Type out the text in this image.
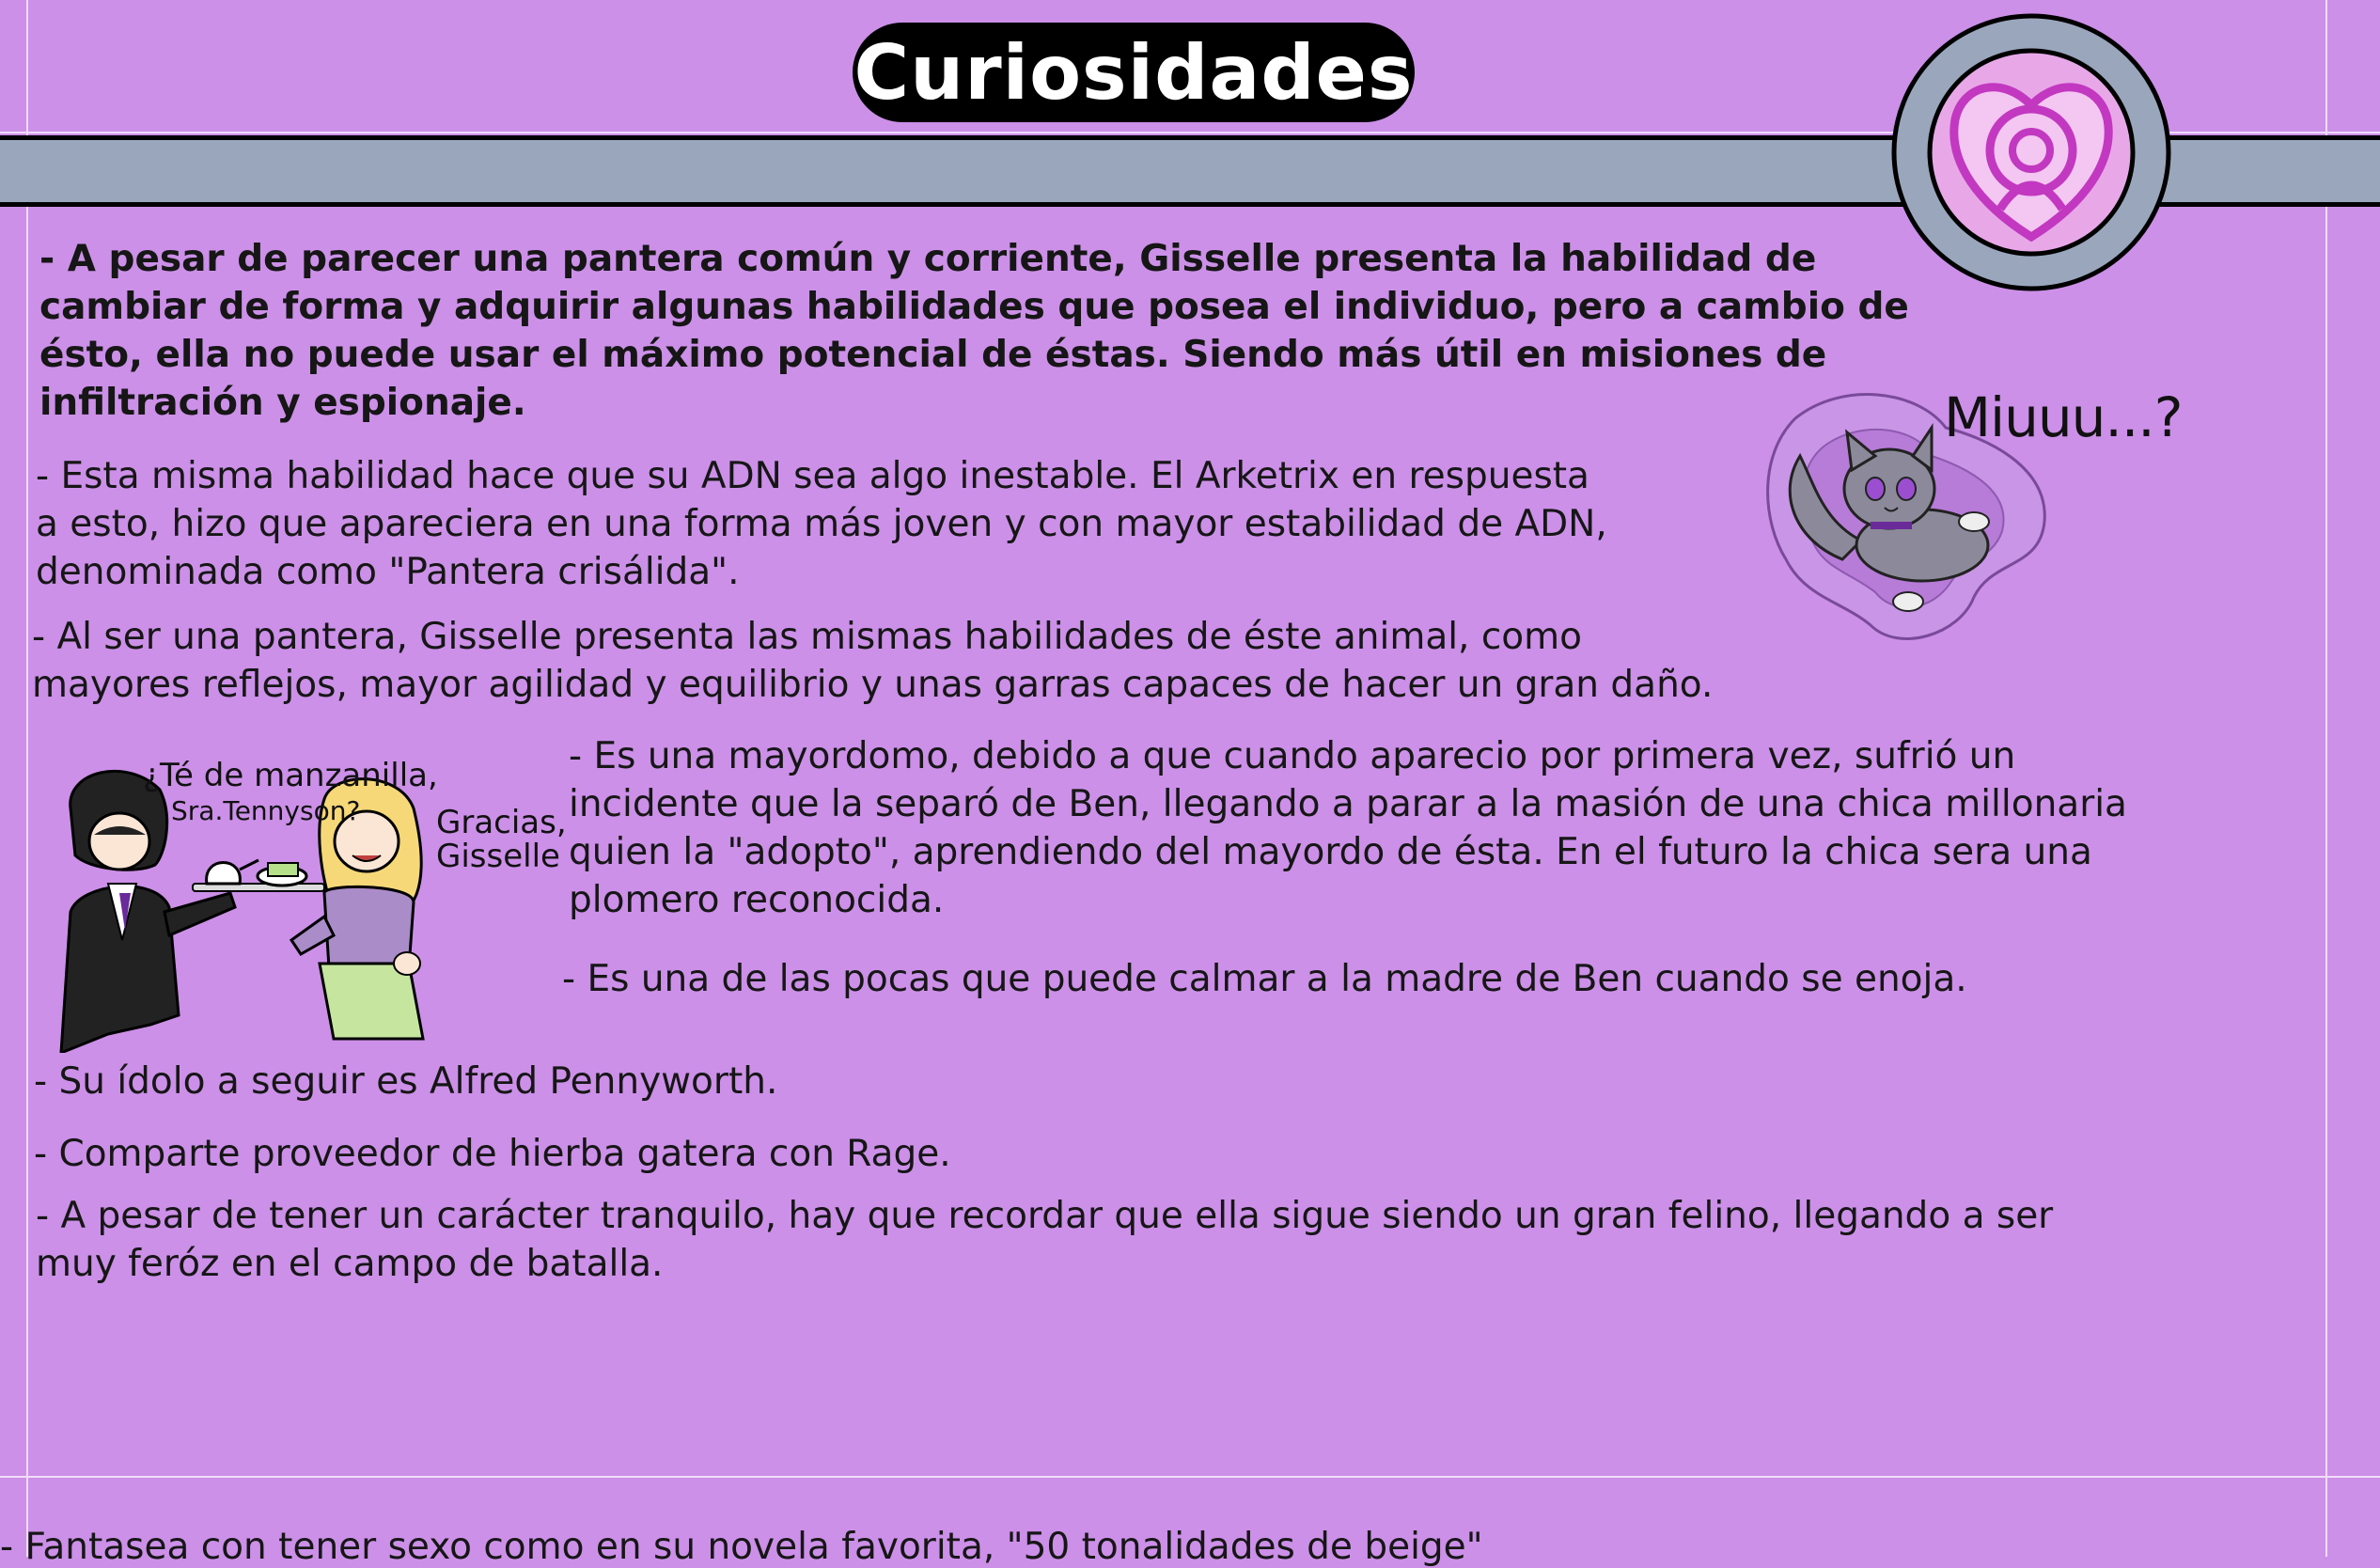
Curiosidades

- A pesar de parecer una pantera común y corriente, Gisselle presenta la habilidad de
cambiar de forma y adquirir algunas habilidades que posea el individuo, pero a cambio de
ésto, ella no puede usar el máximo potencial de éstas. Siendo más útil en misiones de
infiltración y espionaje.	Miuuu...?

- Esta misma habilidad hace que su ADN sea algo inestable. El Arketrix en respuesta
a esto, hizo que apareciera en una forma más joven y con mayor estabilidad de ADN,
denominada como "Pantera crisálida".

- Al ser una pantera, Gisselle presenta las mismas habilidades de éste animal, como
mayores reflejos, mayor agilidad y equilibrio y unas garras capaces de hacer un gran daño.

¿Té de manzanilla,
Sra.Tennyson?	Gracias,
Gisselle

- Es una mayordomo, debido a que cuando aparecio por primera vez, sufrió un
incidente que la separó de Ben, llegando a parar a la masión de una chica millonaria
quien la "adopto", aprendiendo del mayordo de ésta. En el futuro la chica sera una
plomero reconocida.

- Es una de las pocas que puede calmar a la madre de Ben cuando se enoja.

- Su ídolo a seguir es Alfred Pennyworth.

- Comparte proveedor de hierba gatera con Rage.

- A pesar de tener un carácter tranquilo, hay que recordar que ella sigue siendo un gran felino, llegando a ser
muy feróz en el campo de batalla.

- Fantasea con tener sexo como en su novela favorita, "50 tonalidades de beige"
